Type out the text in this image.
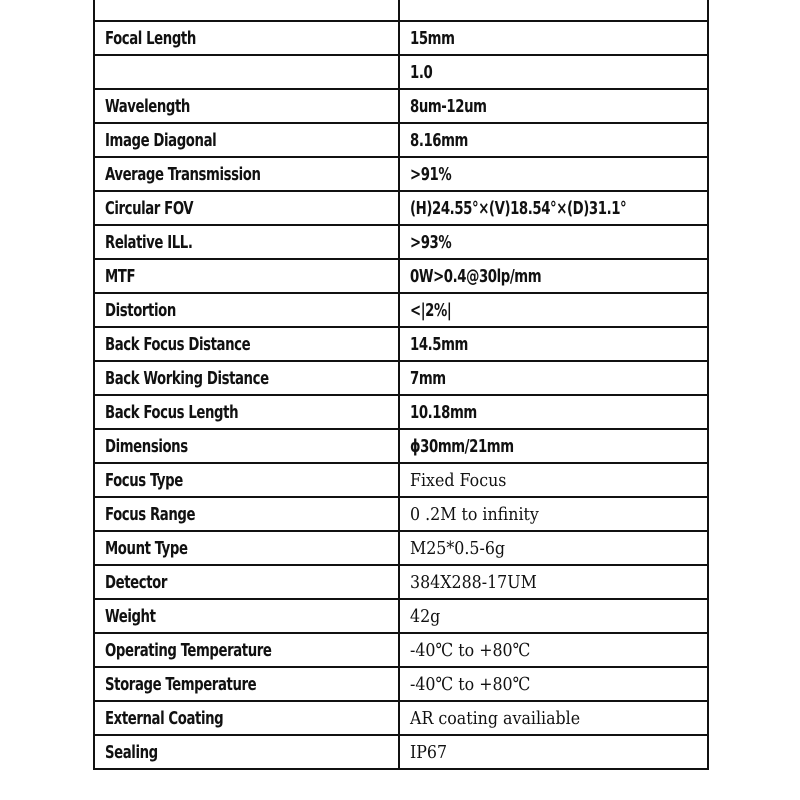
Focal Length	15mm
	1.0
Wavelength	8um-12um
Image Diagonal	8.16mm
Average Transmission	>91%
Circular FOV	(H)24.55°×(V)18.54°×(D)31.1°
Relative ILL.	>93%
MTF	0W>0.4@30lp/mm
Distortion	<|2%|
Back Focus Distance	14.5mm
Back Working Distance	7mm
Back Focus Length	10.18mm
Dimensions	ϕ30mm/21mm
Focus Type	Fixed Focus
Focus Range	0 .2M to infinity
Mount Type	M25*0.5-6g
Detector	384X288-17UM
Weight	42g
Operating Temperature	-40℃ to +80℃
Storage Temperature	-40℃ to +80℃
External Coating	AR coating availiable
Sealing	IP67
